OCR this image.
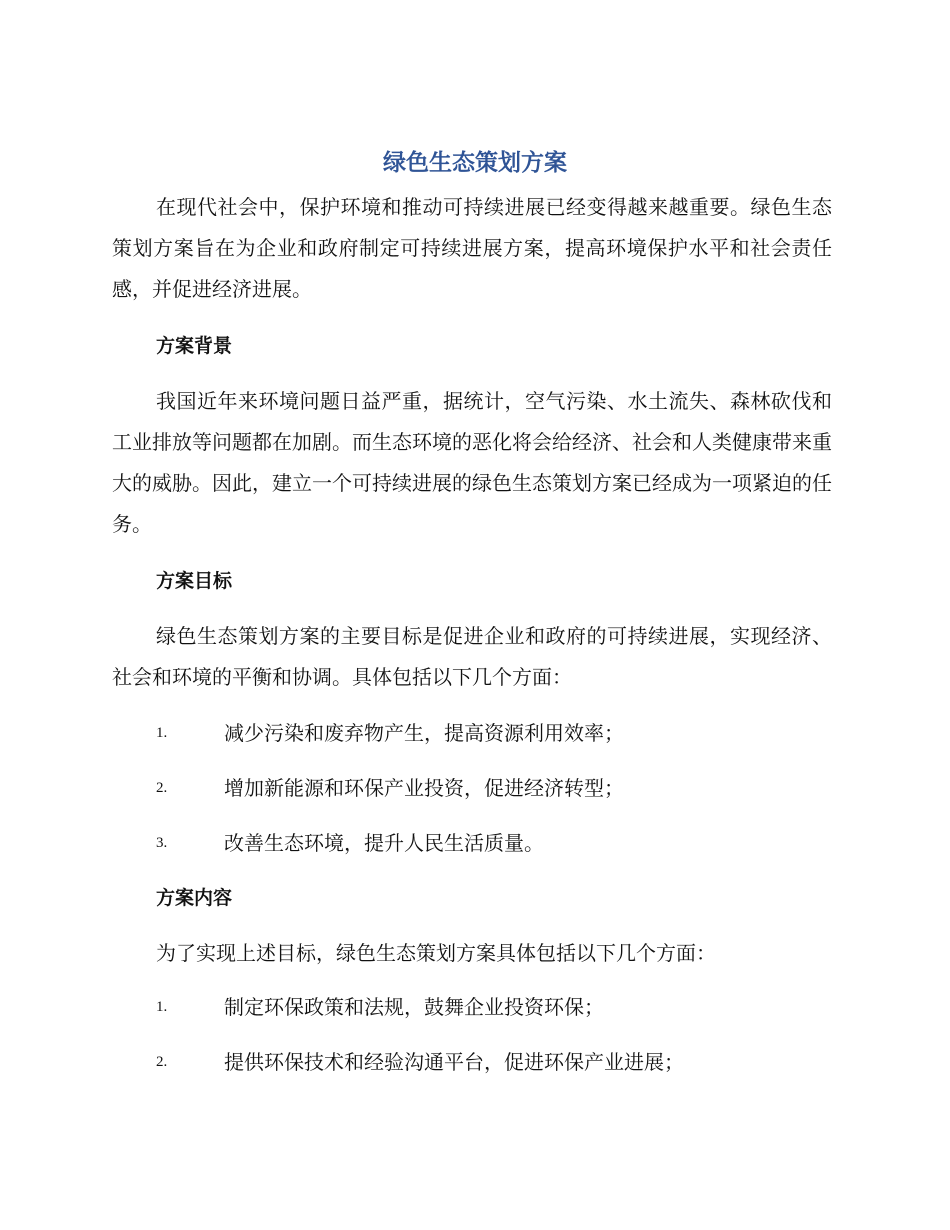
绿色生态策划方案

在现代社会中，保护环境和推动可持续进展已经变得越来越重要。绿色生态策划方案旨在为企业和政府制定可持续进展方案，提高环境保护水平和社会责任感，并促进经济进展。

方案背景

我国近年来环境问题日益严重，据统计，空气污染、水土流失、森林砍伐和工业排放等问题都在加剧。而生态环境的恶化将会给经济、社会和人类健康带来重大的威胁。因此，建立一个可持续进展的绿色生态策划方案已经成为一项紧迫的任务。

方案目标

绿色生态策划方案的主要目标是促进企业和政府的可持续进展，实现经济、社会和环境的平衡和协调。具体包括以下几个方面：

1.	减少污染和废弃物产生，提高资源利用效率；
2.	增加新能源和环保产业投资，促进经济转型；
3.	改善生态环境，提升人民生活质量。
方案内容

为了实现上述目标，绿色生态策划方案具体包括以下几个方面：

1.	制定环保政策和法规，鼓舞企业投资环保；
2.	提供环保技术和经验沟通平台，促进环保产业进展；
